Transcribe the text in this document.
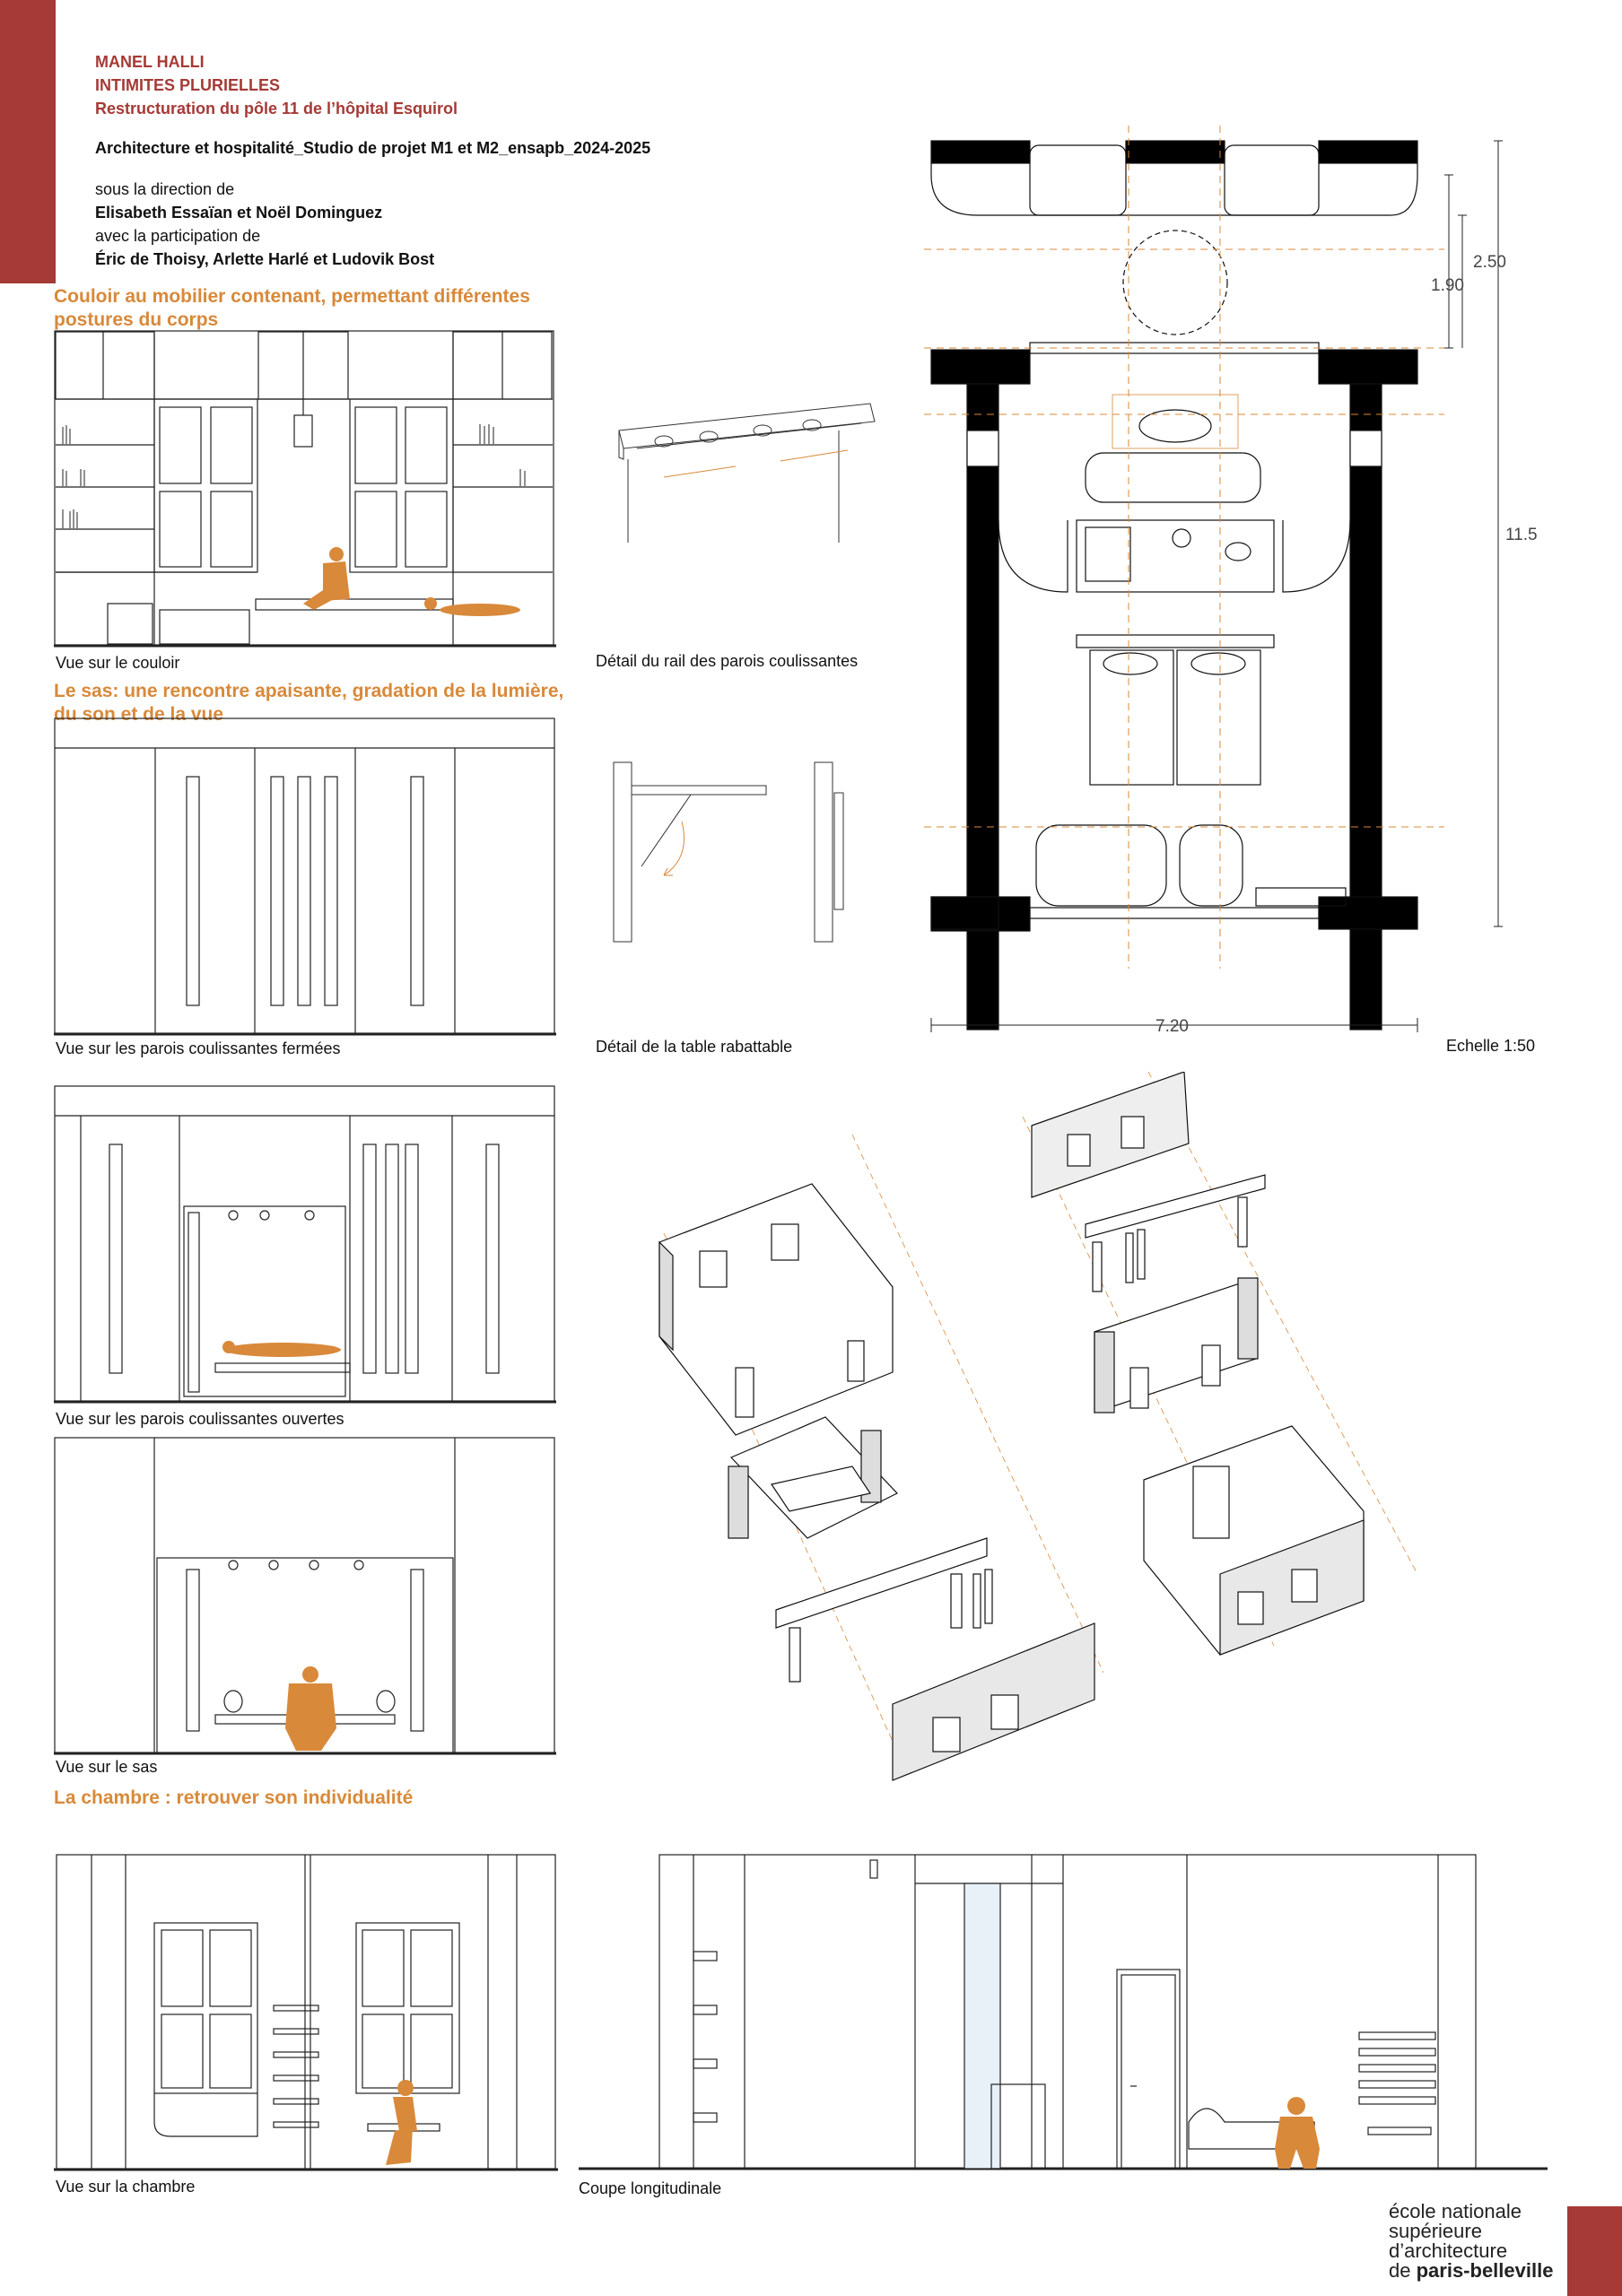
MANEL HALLI
INTIMITES PLURIELLES
Restructuration du pôle 11 de l’hôpital Esquirol
Architecture et hospitalité_Studio de projet M1 et M2_ensapb_2024-2025
sous la direction de
Elisabeth Essaïan et Noël Dominguez
avec la participation de
Éric de Thoisy, Arlette Harlé et Ludovik Bost
Couloir au mobilier contenant, permettant différentes postures du corps
Le sas: une rencontre apaisante, gradation de la lumière, du son et de la vue
La chambre : retrouver son individualité
Vue sur le couloir	Détail du rail des parois coulissantes
Vue sur les parois coulissantes fermées	Détail de la table rabattable
2.50
1.90
11.5
7.20
Echelle 1:50
Vue sur les parois coulissantes ouvertes
Vue sur le sas
Vue sur la chambre	Coupe longitudinale
école nationale
supérieure
d’architecture
de paris-belleville
